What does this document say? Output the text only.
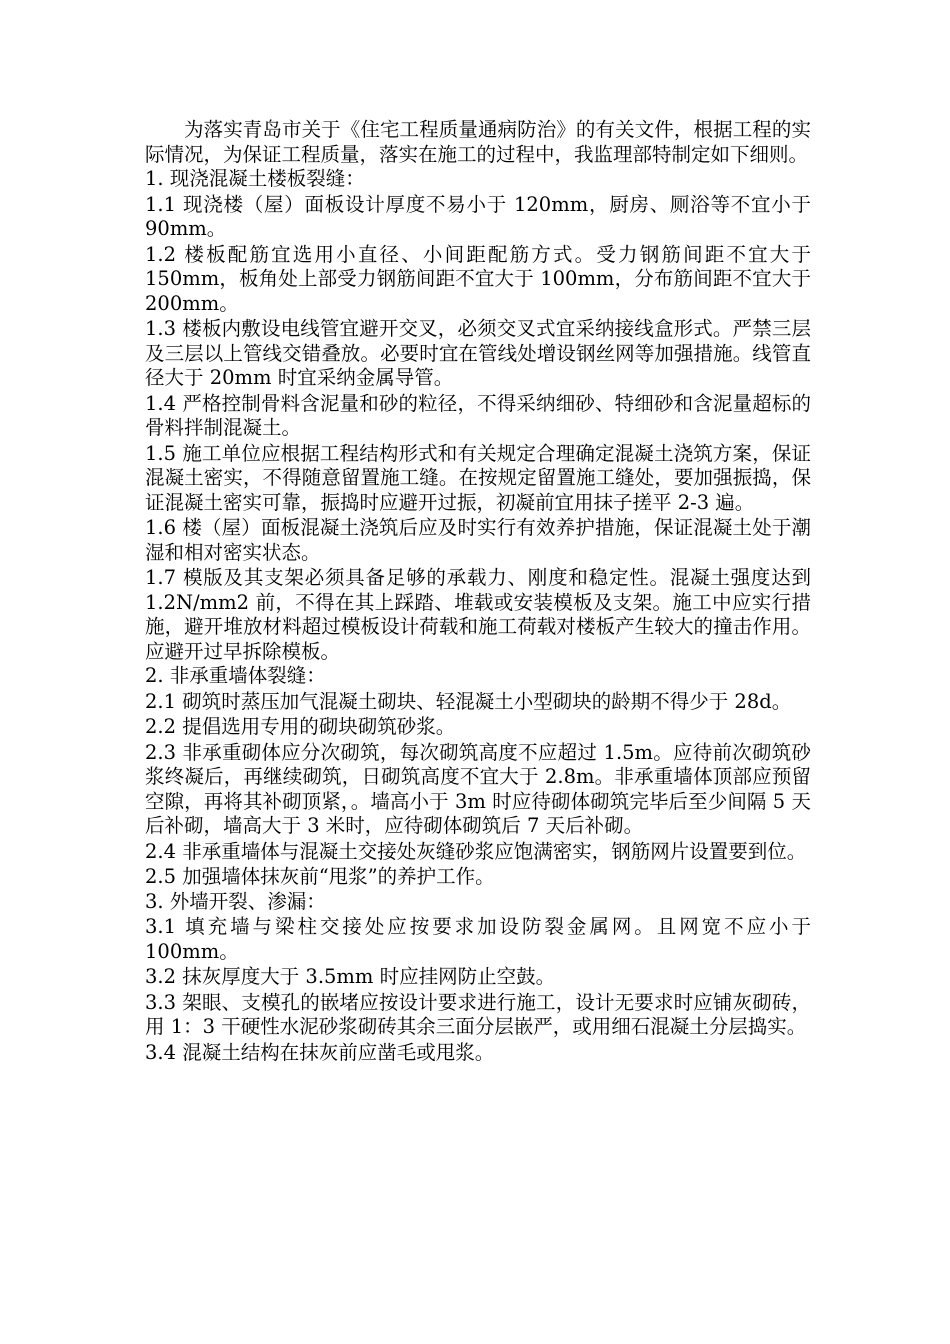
为落实青岛市关于《住宅工程质量通病防治》的有关文件，根据工程的实际情况，为保证工程质量，落实在施工的过程中，我监理部特制定如下细则。

1. 现浇混凝土楼板裂缝：

1.1 现浇楼（屋）面板设计厚度不易小于 120mm，厨房、厕浴等不宜小于 90mm。

1.2 楼板配筋宜选用小直径、小间距配筋方式。受力钢筋间距不宜大于 150mm，板角处上部受力钢筋间距不宜大于 100mm，分布筋间距不宜大于 200mm。

1.3 楼板内敷设电线管宜避开交叉，必须交叉式宜采纳接线盒形式。严禁三层及三层以上管线交错叠放。必要时宜在管线处增设钢丝网等加强措施。线管直径大于 20mm 时宜采纳金属导管。

1.4 严格控制骨料含泥量和砂的粒径，不得采纳细砂、特细砂和含泥量超标的骨料拌制混凝土。

1.5 施工单位应根据工程结构形式和有关规定合理确定混凝土浇筑方案，保证混凝土密实，不得随意留置施工缝。在按规定留置施工缝处，要加强振捣，保证混凝土密实可靠，振捣时应避开过振，初凝前宜用抹子搓平 2-3 遍。

1.6 楼（屋）面板混凝土浇筑后应及时实行有效养护措施，保证混凝土处于潮湿和相对密实状态。

1.7 模版及其支架必须具备足够的承载力、刚度和稳定性。混凝土强度达到 1.2N/mm2 前，不得在其上踩踏、堆载或安装模板及支架。施工中应实行措施，避开堆放材料超过模板设计荷载和施工荷载对楼板产生较大的撞击作用。应避开过早拆除模板。

2. 非承重墙体裂缝：

2.1 砌筑时蒸压加气混凝土砌块、轻混凝土小型砌块的龄期不得少于 28d。

2.2 提倡选用专用的砌块砌筑砂浆。

2.3 非承重砌体应分次砌筑，每次砌筑高度不应超过 1.5m。应待前次砌筑砂浆终凝后，再继续砌筑，日砌筑高度不宜大于 2.8m。非承重墙体顶部应预留空隙，再将其补砌顶紧，。墙高小于 3m 时应待砌体砌筑完毕后至少间隔 5 天后补砌，墙高大于 3 米时，应待砌体砌筑后 7 天后补砌。

2.4 非承重墙体与混凝土交接处灰缝砂浆应饱满密实，钢筋网片设置要到位。

2.5 加强墙体抹灰前“甩浆”的养护工作。

3. 外墙开裂、渗漏：

3.1 填充墙与梁柱交接处应按要求加设防裂金属网。且网宽不应小于 100mm。

3.2 抹灰厚度大于 3.5mm 时应挂网防止空鼓。

3.3 架眼、支模孔的嵌堵应按设计要求进行施工，设计无要求时应铺灰砌砖，用 1：3 干硬性水泥砂浆砌砖其余三面分层嵌严，或用细石混凝土分层捣实。

3.4 混凝土结构在抹灰前应凿毛或甩浆。
